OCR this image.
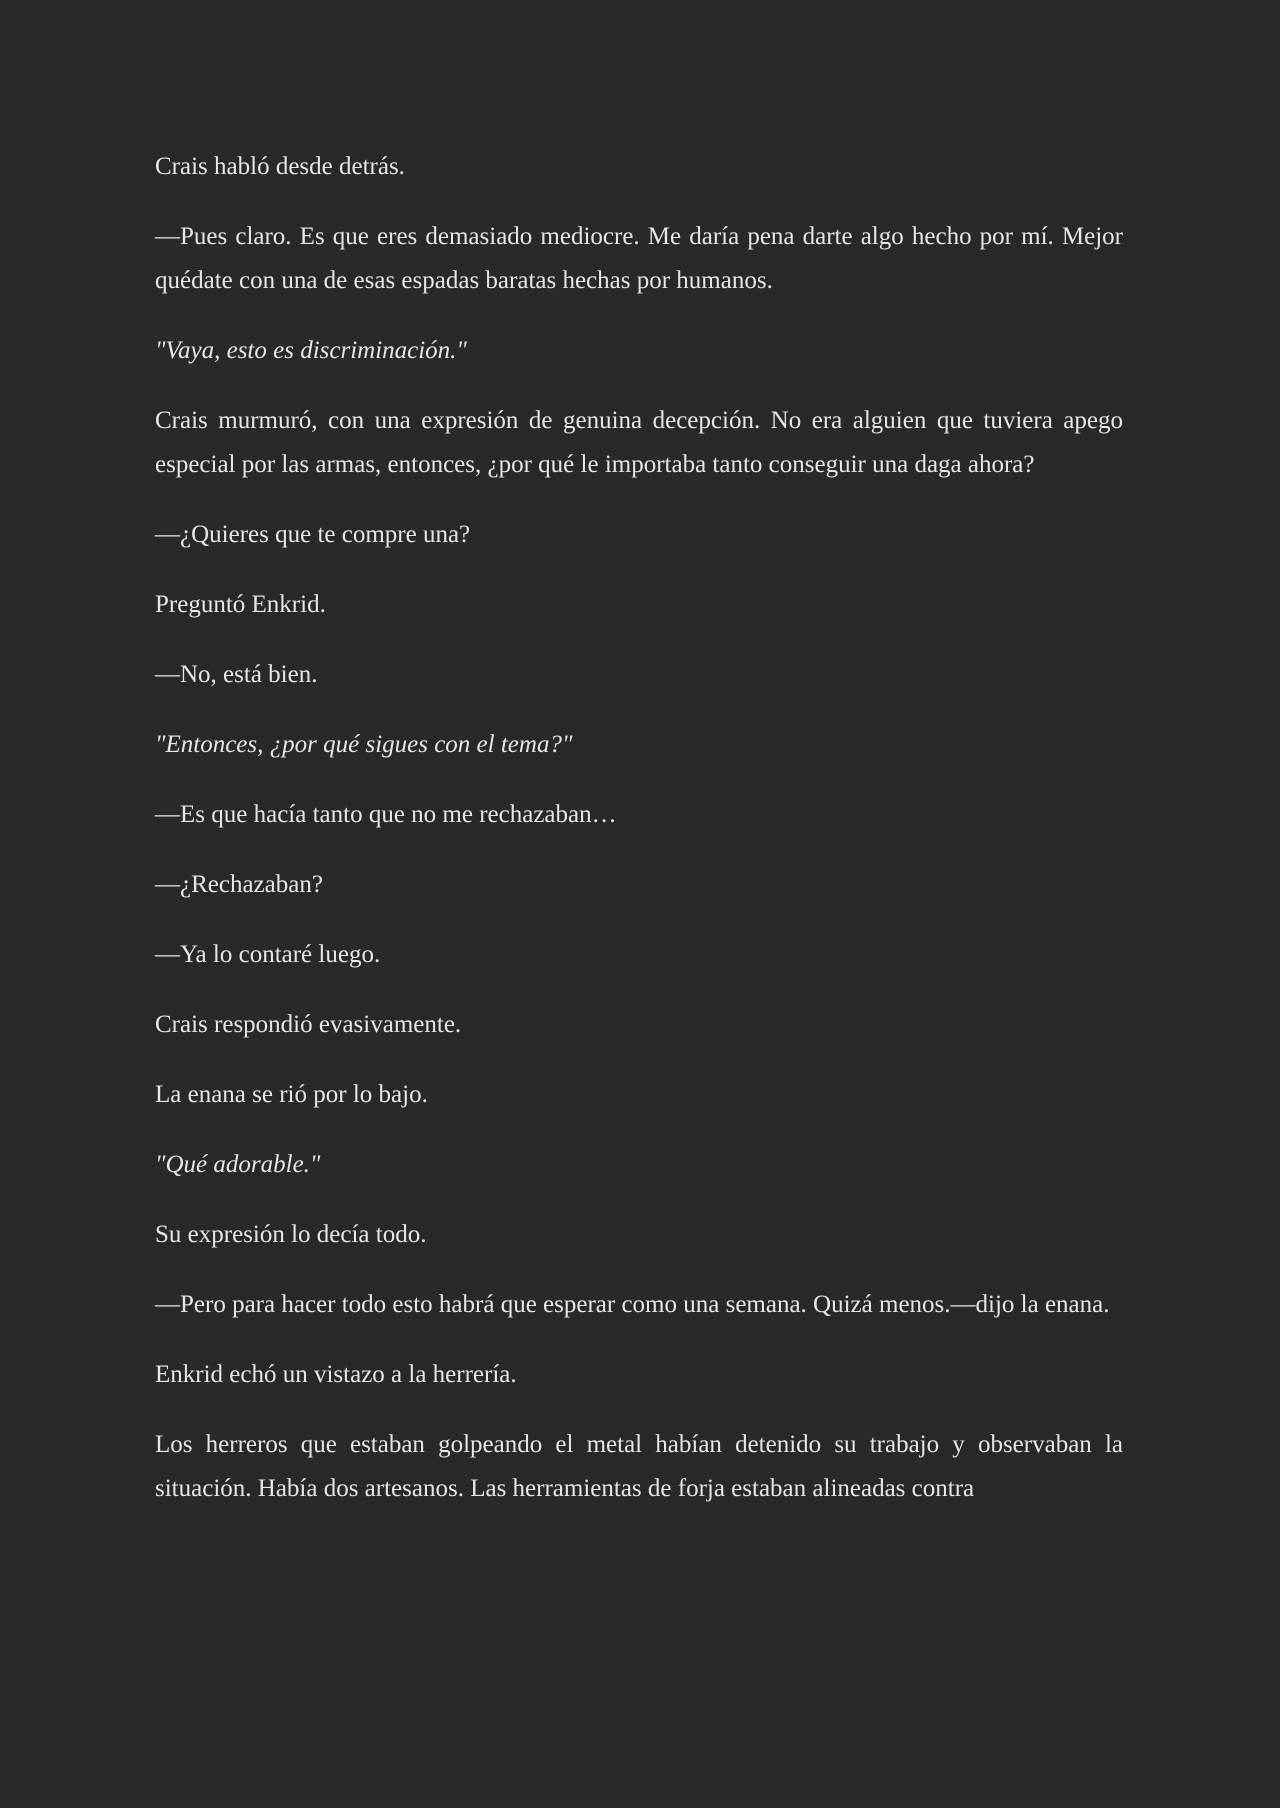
Crais habló desde detrás.

—Pues claro. Es que eres demasiado mediocre. Me daría pena darte algo hecho por mí. Mejor quédate con una de esas espadas baratas hechas por humanos.

"Vaya, esto es discriminación."

Crais murmuró, con una expresión de genuina decepción. No era alguien que tuviera apego especial por las armas, entonces, ¿por qué le importaba tanto conseguir una daga ahora?

—¿Quieres que te compre una?

Preguntó Enkrid.

—No, está bien.

"Entonces, ¿por qué sigues con el tema?"

—Es que hacía tanto que no me rechazaban…

—¿Rechazaban?

—Ya lo contaré luego.

Crais respondió evasivamente.

La enana se rió por lo bajo.

"Qué adorable."

Su expresión lo decía todo.

—Pero para hacer todo esto habrá que esperar como una semana. Quizá menos.—dijo la enana.

Enkrid echó un vistazo a la herrería.

Los herreros que estaban golpeando el metal habían detenido su trabajo y observaban la situación. Había dos artesanos. Las herramientas de forja estaban alineadas contra
